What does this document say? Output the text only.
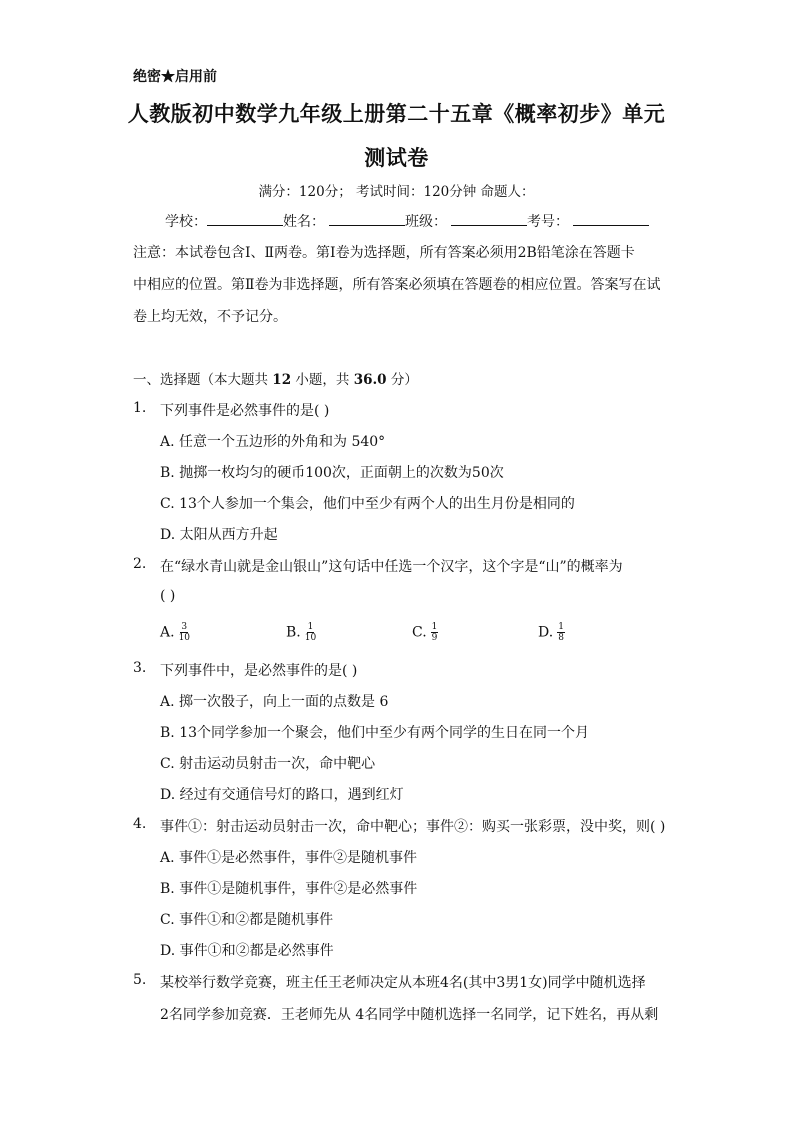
绝密★启用前
人教版初中数学九年级上册第二十五章《概率初步》单元
测试卷
满分：120分； 考试时间：120分钟 命题人：
学校：	姓名：	班级：	考号：
注意：本试卷包含Ⅰ、Ⅱ两卷。第Ⅰ卷为选择题，所有答案必须用2B铅笔涂在答题卡
中相应的位置。第Ⅱ卷为非选择题，所有答案必须填在答题卷的相应位置。答案写在试
卷上均无效，不予记分。
一、选择题（本大题共 12 小题，共 36.0 分）
1. 下列事件是必然事件的是( )
A. 任意一个五边形的外角和为 540°
B. 抛掷一枚均匀的硬币100次，正面朝上的次数为50次
C. 13个人参加一个集会，他们中至少有两个人的出生月份是相同的
D. 太阳从西方升起
2. 在“绿水青山就是金山银山”这句话中任选一个汉字，这个字是“山”的概率为
( )
A. $\frac{3}{10}$	B. $\frac{1}{10}$	C. $\frac{1}{9}$	D. $\frac{1}{8}$
3. 下列事件中，是必然事件的是( )
A. 掷一次骰子，向上一面的点数是 6
B. 13个同学参加一个聚会，他们中至少有两个同学的生日在同一个月
C. 射击运动员射击一次，命中靶心
D. 经过有交通信号灯的路口，遇到红灯
4. 事件①：射击运动员射击一次，命中靶心；事件②：购买一张彩票，没中奖，则( )
A. 事件①是必然事件，事件②是随机事件
B. 事件①是随机事件，事件②是必然事件
C. 事件①和②都是随机事件
D. 事件①和②都是必然事件
5. 某校举行数学竞赛，班主任王老师决定从本班4名(其中3男1女)同学中随机选择
2名同学参加竞赛．王老师先从 4名同学中随机选择一名同学，记下姓名，再从剩
